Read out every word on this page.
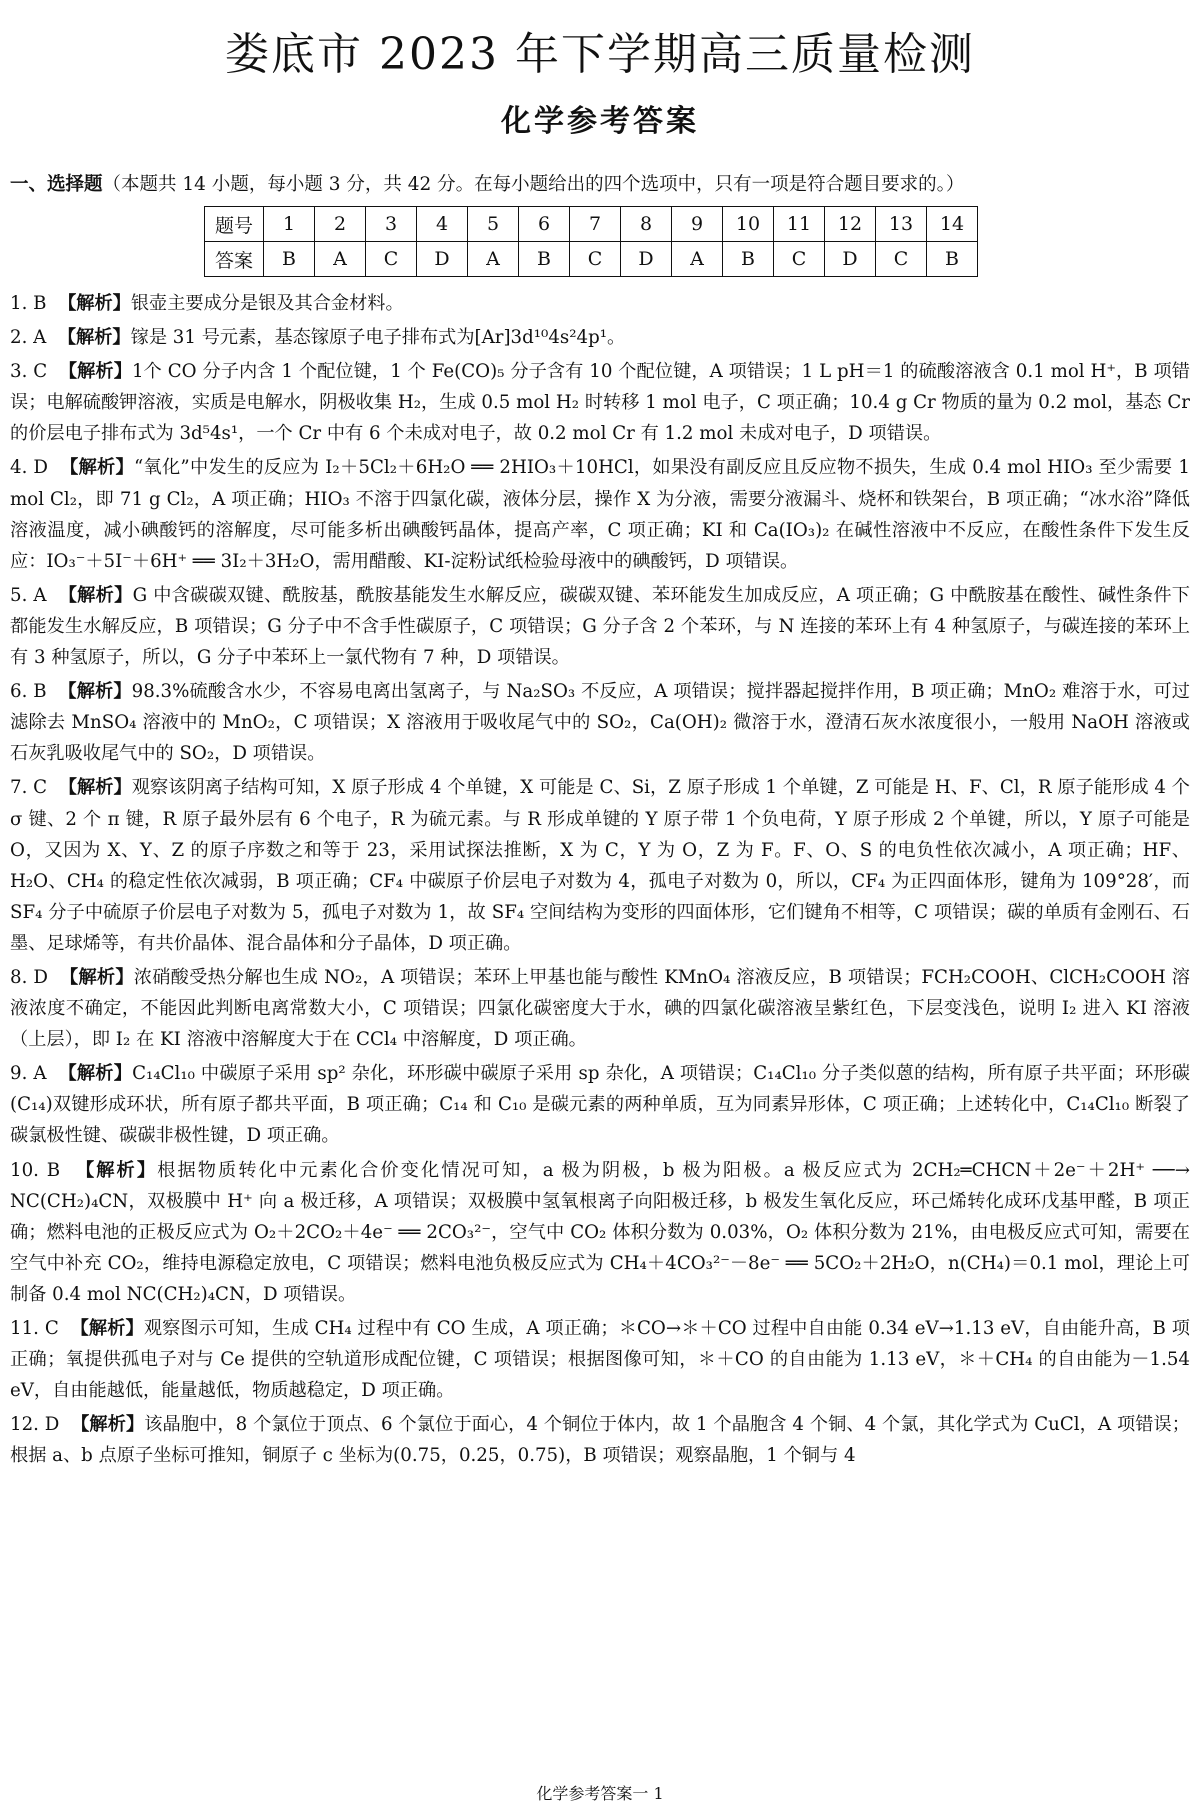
娄底市 2023 年下学期高三质量检测
化学参考答案
一、选择题（本题共 14 小题，每小题 3 分，共 42 分。在每小题给出的四个选项中，只有一项是符合题目要求的。）
题号	1	2	3	4	5	6	7	8	9	10	11	12	13	14
答案	B	A	C	D	A	B	C	D	A	B	C	D	C	B

1. B 【解析】银壶主要成分是银及其合金材料。

2. A 【解析】镓是 31 号元素，基态镓原子电子排布式为[Ar]3d¹⁰4s²4p¹。

3. C 【解析】1个 CO 分子内含 1 个配位键，1 个 Fe(CO)₅ 分子含有 10 个配位键，A 项错误；1 L pH＝1 的硫酸溶液含 0.1 mol H⁺，B 项错误；电解硫酸钾溶液，实质是电解水，阴极收集 H₂，生成 0.5 mol H₂ 时转移 1 mol 电子，C 项正确；10.4 g Cr 物质的量为 0.2 mol，基态 Cr 的价层电子排布式为 3d⁵4s¹，一个 Cr 中有 6 个未成对电子，故 0.2 mol Cr 有 1.2 mol 未成对电子，D 项错误。

4. D 【解析】“氧化”中发生的反应为 I₂＋5Cl₂＋6H₂O ══ 2HIO₃＋10HCl，如果没有副反应且反应物不损失，生成 0.4 mol HIO₃ 至少需要 1 mol Cl₂，即 71 g Cl₂，A 项正确；HIO₃ 不溶于四氯化碳，液体分层，操作 X 为分液，需要分液漏斗、烧杯和铁架台，B 项正确；“冰水浴”降低溶液温度，减小碘酸钙的溶解度，尽可能多析出碘酸钙晶体，提高产率，C 项正确；KI 和 Ca(IO₃)₂ 在碱性溶液中不反应，在酸性条件下发生反应：IO₃⁻＋5I⁻＋6H⁺ ══ 3I₂＋3H₂O，需用醋酸、KI-淀粉试纸检验母液中的碘酸钙，D 项错误。

5. A 【解析】G 中含碳碳双键、酰胺基，酰胺基能发生水解反应，碳碳双键、苯环能发生加成反应，A 项正确；G 中酰胺基在酸性、碱性条件下都能发生水解反应，B 项错误；G 分子中不含手性碳原子，C 项错误；G 分子含 2 个苯环，与 N 连接的苯环上有 4 种氢原子，与碳连接的苯环上有 3 种氢原子，所以，G 分子中苯环上一氯代物有 7 种，D 项错误。

6. B 【解析】98.3%硫酸含水少，不容易电离出氢离子，与 Na₂SO₃ 不反应，A 项错误；搅拌器起搅拌作用，B 项正确；MnO₂ 难溶于水，可过滤除去 MnSO₄ 溶液中的 MnO₂，C 项错误；X 溶液用于吸收尾气中的 SO₂，Ca(OH)₂ 微溶于水，澄清石灰水浓度很小，一般用 NaOH 溶液或石灰乳吸收尾气中的 SO₂，D 项错误。

7. C 【解析】观察该阴离子结构可知，X 原子形成 4 个单键，X 可能是 C、Si，Z 原子形成 1 个单键，Z 可能是 H、F、Cl，R 原子能形成 4 个 σ 键、2 个 π 键，R 原子最外层有 6 个电子，R 为硫元素。与 R 形成单键的 Y 原子带 1 个负电荷，Y 原子形成 2 个单键，所以，Y 原子可能是 O，又因为 X、Y、Z 的原子序数之和等于 23，采用试探法推断，X 为 C，Y 为 O，Z 为 F。F、O、S 的电负性依次减小，A 项正确；HF、H₂O、CH₄ 的稳定性依次减弱，B 项正确；CF₄ 中碳原子价层电子对数为 4，孤电子对数为 0，所以，CF₄ 为正四面体形，键角为 109°28′，而 SF₄ 分子中硫原子价层电子对数为 5，孤电子对数为 1，故 SF₄ 空间结构为变形的四面体形，它们键角不相等，C 项错误；碳的单质有金刚石、石墨、足球烯等，有共价晶体、混合晶体和分子晶体，D 项正确。

8. D 【解析】浓硝酸受热分解也生成 NO₂，A 项错误；苯环上甲基也能与酸性 KMnO₄ 溶液反应，B 项错误；FCH₂COOH、ClCH₂COOH 溶液浓度不确定，不能因此判断电离常数大小，C 项错误；四氯化碳密度大于水，碘的四氯化碳溶液呈紫红色，下层变浅色，说明 I₂ 进入 KI 溶液（上层），即 I₂ 在 KI 溶液中溶解度大于在 CCl₄ 中溶解度，D 项正确。

9. A 【解析】C₁₄Cl₁₀ 中碳原子采用 sp² 杂化，环形碳中碳原子采用 sp 杂化，A 项错误；C₁₄Cl₁₀ 分子类似蒽的结构，所有原子共平面；环形碳(C₁₄)双键形成环状，所有原子都共平面，B 项正确；C₁₄ 和 C₁₀ 是碳元素的两种单质，互为同素异形体，C 项正确；上述转化中，C₁₄Cl₁₀ 断裂了碳氯极性键、碳碳非极性键，D 项正确。

10. B 【解析】根据物质转化中元素化合价变化情况可知，a 极为阴极，b 极为阳极。a 极反应式为 2CH₂═CHCN＋2e⁻＋2H⁺ ──→ NC(CH₂)₄CN，双极膜中 H⁺ 向 a 极迁移，A 项错误；双极膜中氢氧根离子向阳极迁移，b 极发生氧化反应，环己烯转化成环戊基甲醛，B 项正确；燃料电池的正极反应式为 O₂＋2CO₂＋4e⁻ ══ 2CO₃²⁻，空气中 CO₂ 体积分数为 0.03%，O₂ 体积分数为 21%，由电极反应式可知，需要在空气中补充 CO₂，维持电源稳定放电，C 项错误；燃料电池负极反应式为 CH₄＋4CO₃²⁻－8e⁻ ══ 5CO₂＋2H₂O，n(CH₄)＝0.1 mol，理论上可制备 0.4 mol NC(CH₂)₄CN，D 项错误。

11. C 【解析】观察图示可知，生成 CH₄ 过程中有 CO 生成，A 项正确；＊CO→＊＋CO 过程中自由能 0.34 eV→1.13 eV，自由能升高，B 项正确；氧提供孤电子对与 Ce 提供的空轨道形成配位键，C 项错误；根据图像可知，＊＋CO 的自由能为 1.13 eV，＊＋CH₄ 的自由能为－1.54 eV，自由能越低，能量越低，物质越稳定，D 项正确。

12. D 【解析】该晶胞中，8 个氯位于顶点、6 个氯位于面心，4 个铜位于体内，故 1 个晶胞含 4 个铜、4 个氯，其化学式为 CuCl，A 项错误；根据 a、b 点原子坐标可推知，铜原子 c 坐标为(0.75，0.25，0.75)，B 项错误；观察晶胞，1 个铜与 4

化学参考答案一 1
